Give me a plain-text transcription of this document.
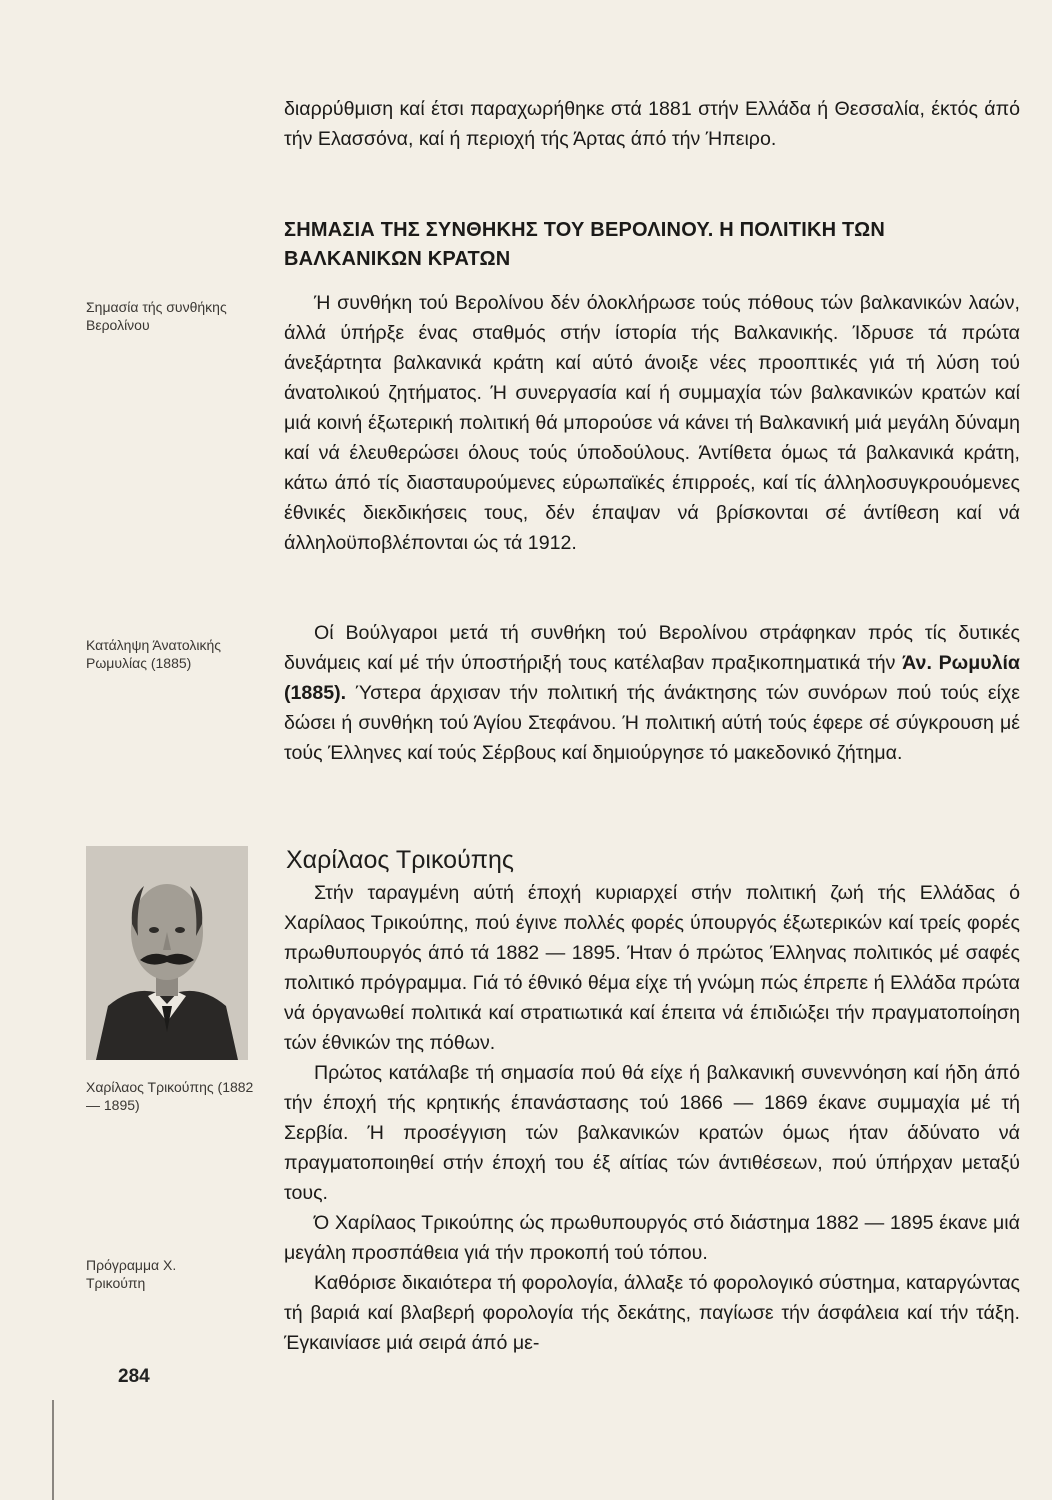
διαρρύθμιση καί έτσι παραχωρήθηκε στά 1881 στήν Ελλάδα ή Θεσσαλία, έκτός άπό τήν Ελασσόνα, καί ή περιοχή τής Άρτας άπό τήν Ήπειρο.

ΣΗΜΑΣΙΑ ΤΗΣ ΣΥΝΘΗΚΗΣ ΤΟΥ ΒΕΡΟΛΙΝΟΥ. Η ΠΟΛΙΤΙΚΗ ΤΩΝ ΒΑΛΚΑΝΙΚΩΝ ΚΡΑΤΩΝ

Ή συνθήκη τού Βερολίνου δέν όλοκλήρωσε τούς πόθους τών βαλκανικών λαών, άλλά ύπήρξε ένας σταθμός στήν ίστορία τής Βαλκανικής. Ίδρυσε τά πρώτα άνεξάρτητα βαλκανικά κράτη καί αύτό άνοιξε νέες προοπτικές γιά τή λύση τού άνατολικού ζητήματος. Ή συνεργασία καί ή συμμαχία τών βαλκανικών κρατών καί μιά κοινή έξωτερική πολιτική θά μπορούσε νά κάνει τή Βαλκανική μιά μεγάλη δύναμη καί νά έλευθερώσει όλους τούς ύποδούλους. Άντίθετα όμως τά βαλκανικά κράτη, κάτω άπό τίς διασταυρούμενες εύρωπαϊκές έπιρροές, καί τίς άλληλοσυγκρουόμενες έθνικές διεκδικήσεις τους, δέν έπαψαν νά βρίσκονται σέ άντίθεση καί νά άλληλοϋποβλέπονται ώς τά 1912.

Οί Βούλγαροι μετά τή συνθήκη τού Βερολίνου στράφηκαν πρός τίς δυτικές δυνάμεις καί μέ τήν ύποστήριξή τους κατέλαβαν πραξικοπηματικά τήν Άν. Ρωμυλία (1885). Ύστερα άρχισαν τήν πολιτική τής άνάκτησης τών συνόρων πού τούς είχε δώσει ή συνθήκη τού Άγίου Στεφάνου. Ή πολιτική αύτή τούς έφερε σέ σύγκρουση μέ τούς Έλληνες καί τούς Σέρβους καί δημιούργησε τό μακεδονικό ζήτημα.

Χαρίλαος Τρικούπης

Στήν ταραγμένη αύτή έποχή κυριαρχεί στήν πολιτική ζωή τής Ελλάδας ό Χαρίλαος Τρικούπης, πού έγινε πολλές φορές ύπουργός έξωτερικών καί τρείς φορές πρωθυπουργός άπό τά 1882 — 1895. Ήταν ό πρώτος Έλληνας πολιτικός μέ σαφές πολιτικό πρόγραμμα. Γιά τό έθνικό θέμα είχε τή γνώμη πώς έπρεπε ή Ελλάδα πρώτα νά όργανωθεί πολιτικά καί στρατιωτικά καί έπειτα νά έπιδιώξει τήν πραγματοποίηση τών έθνικών της πόθων.

Πρώτος κατάλαβε τή σημασία πού θά είχε ή βαλκανική συνεννόηση καί ήδη άπό τήν έποχή τής κρητικής έπανάστασης τού 1866 — 1869 έκανε συμμαχία μέ τή Σερβία. Ή προσέγγιση τών βαλκανικών κρατών όμως ήταν άδύνατο νά πραγματοποιηθεί στήν έποχή του έξ αίτίας τών άντιθέσεων, πού ύπήρχαν μεταξύ τους.

Ό Χαρίλαος Τρικούπης ώς πρωθυπουργός στό διάστημα 1882 — 1895 έκανε μιά μεγάλη προσπάθεια γιά τήν προκοπή τού τόπου.

Καθόρισε δικαιότερα τή φορολογία, άλλαξε τό φορολογικό σύστημα, καταργώντας τή βαριά καί βλαβερή φορολογία τής δεκάτης, παγίωσε τήν άσφάλεια καί τήν τάξη. Έγκαινίασε μιά σειρά άπό με-

Σημασία τής συνθήκης Βερολίνου
Κατάληψη Άνατολικής Ρωμυλίας (1885)
Χαρίλαος Τρικούπης (1882 — 1895)
Πρόγραμμα Χ. Τρικούπη
284
